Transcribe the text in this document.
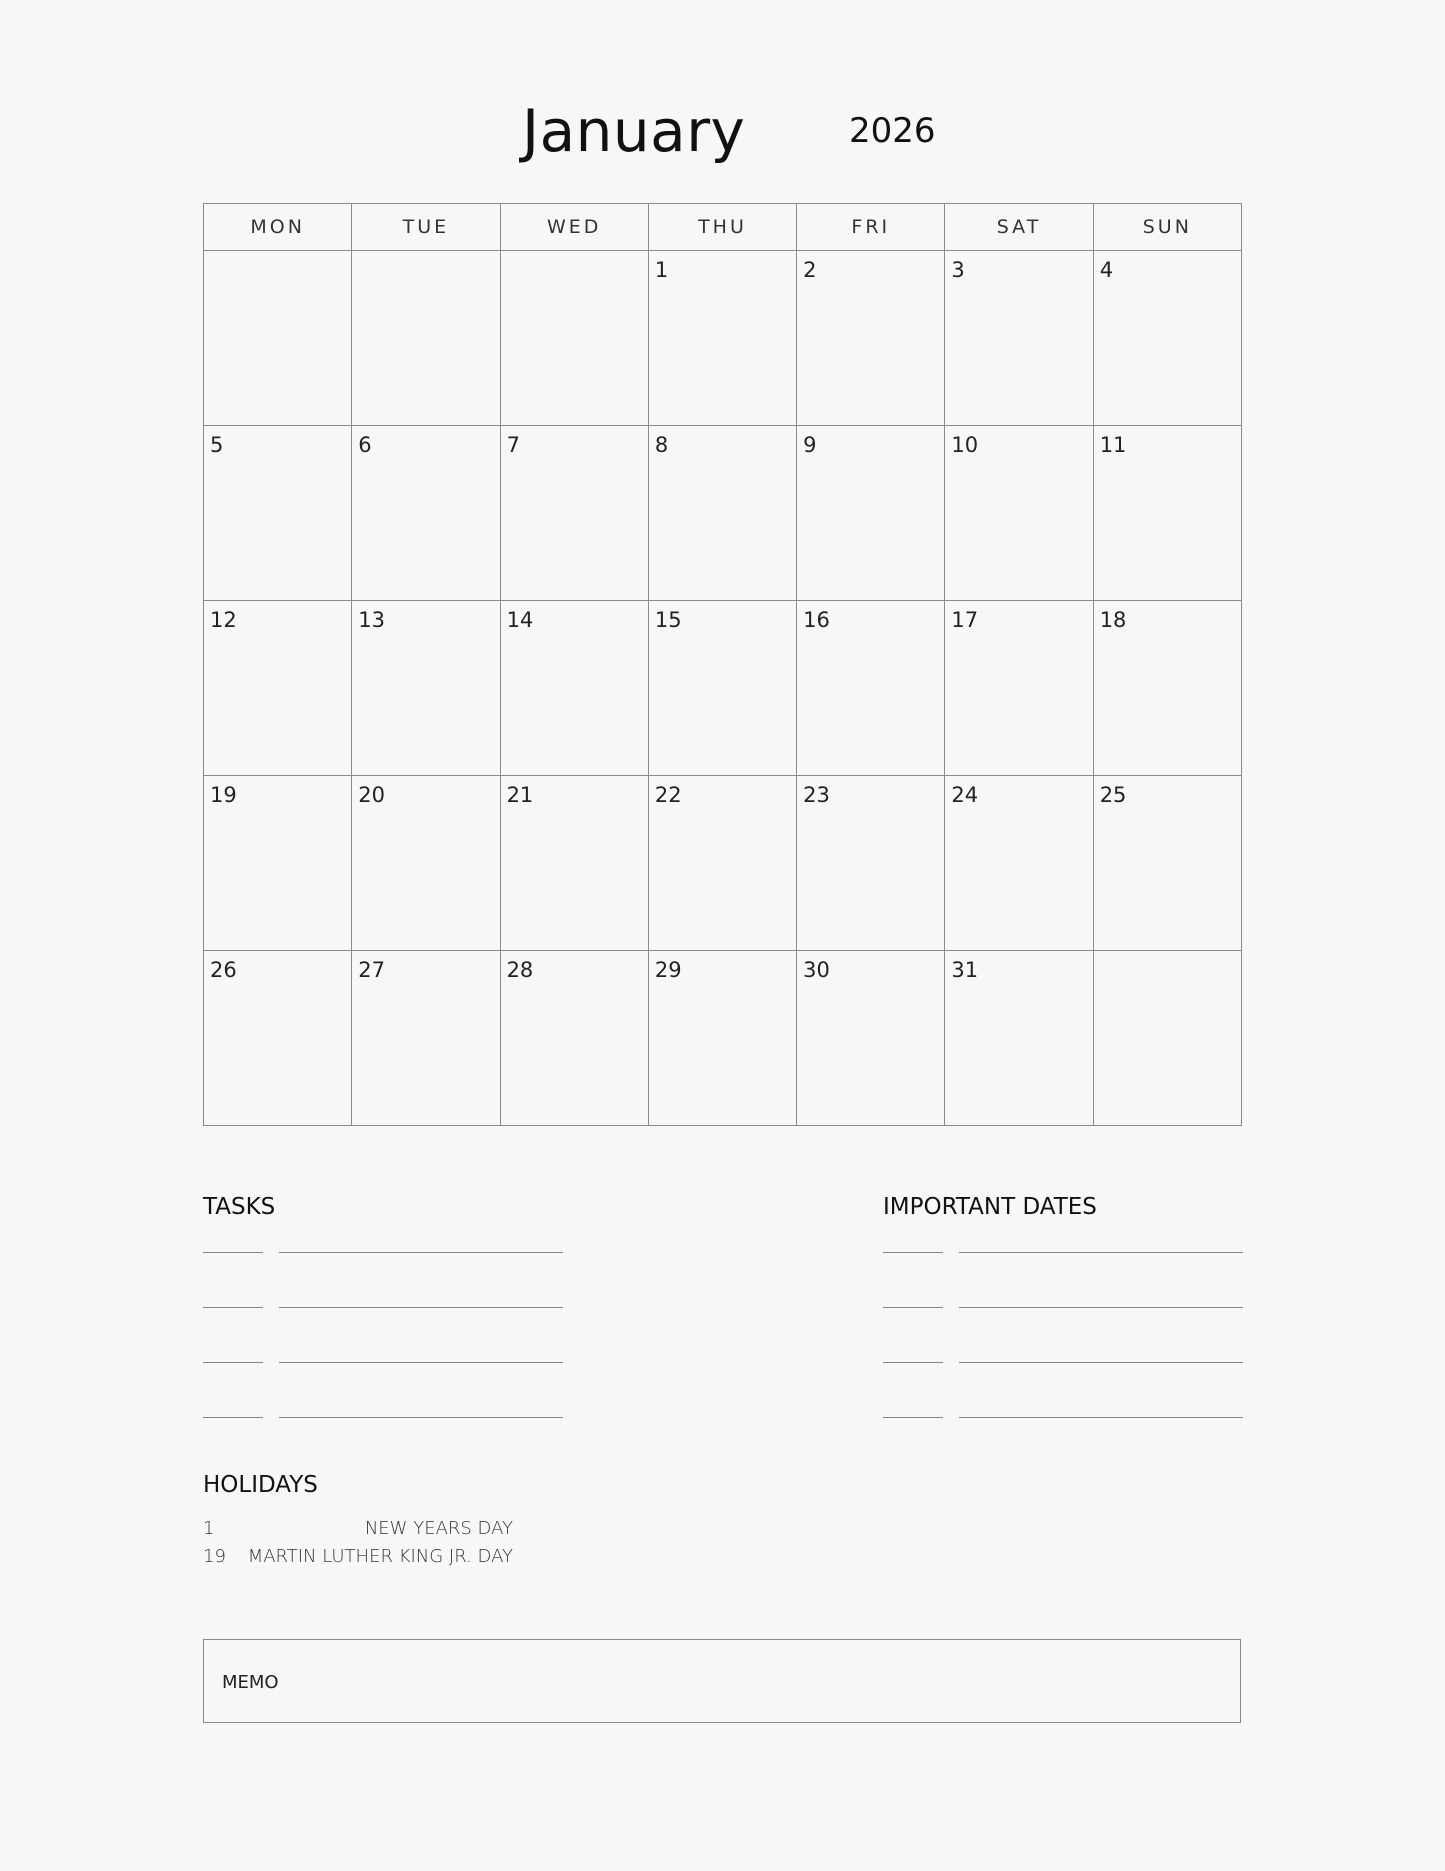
January	2026
MON	TUE	WED	THU	FRI	SAT	SUN

			1	2	3	4

5	6	7	8	9	10	11

12	13	14	15	16	17	18

19	20	21	22	23	24	25

26	27	28	29	30	31	

TASKS	IMPORTANT DATES
HOLIDAYS
1	NEW YEARS DAY
19 MARTIN LUTHER KING JR. DAY
MEMO
